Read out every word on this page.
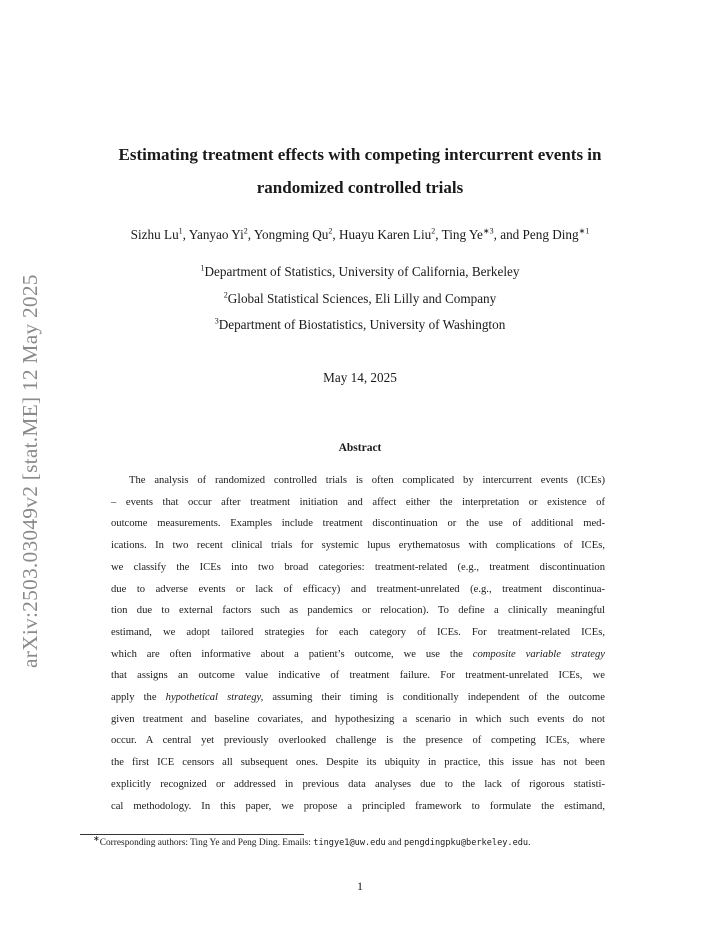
arXiv:2503.03049v2 [stat.ME] 12 May 2025
Estimating treatment effects with competing intercurrent events in
randomized controlled trials
Sizhu Lu$^1$, Yanyao Yi$^2$, Yongming Qu$^2$, Huayu Karen Liu$^2$, Ting $Ye^{∗3}$, and Peng Ding$^{∗1}$
$^1$Department of Statistics, University of California, Berkeley
$^2$Global Statistical Sciences, Eli Lilly and Company
$^3$Department of Biostatistics, University of Washington
May 14, 2025
Abstract
The analysis of randomized controlled trials is often complicated by intercurrent events (ICEs)
– events that occur after treatment initiation and affect either the interpretation or existence of
outcome measurements. Examples include treatment discontinuation or the use of additional med-
ications. In two recent clinical trials for systemic lupus erythematosus with complications of ICEs,
we classify the ICEs into two broad categories: treatment-related (e.g., treatment discontinuation
due to adverse events or lack of efficacy) and treatment-unrelated (e.g., treatment discontinua-
tion due to external factors such as pandemics or relocation). To define a clinically meaningful
estimand, we adopt tailored strategies for each category of ICEs. For treatment-related ICEs,
which are often informative about a patient’s outcome, we use the composite variable strategy
that assigns an outcome value indicative of treatment failure. For treatment-unrelated ICEs, we
apply the hypothetical strategy, assuming their timing is conditionally independent of the outcome
given treatment and baseline covariates, and hypothesizing a scenario in which such events do not
occur. A central yet previously overlooked challenge is the presence of competing ICEs, where
the first ICE censors all subsequent ones. Despite its ubiquity in practice, this issue has not been
explicitly recognized or addressed in previous data analyses due to the lack of rigorous statisti-
cal methodology. In this paper, we propose a principled framework to formulate the estimand,
∗Corresponding authors: Ting Ye and Peng Ding. Emails: tingye1@uw.edu and pengdingpku@berkeley.edu.
1
